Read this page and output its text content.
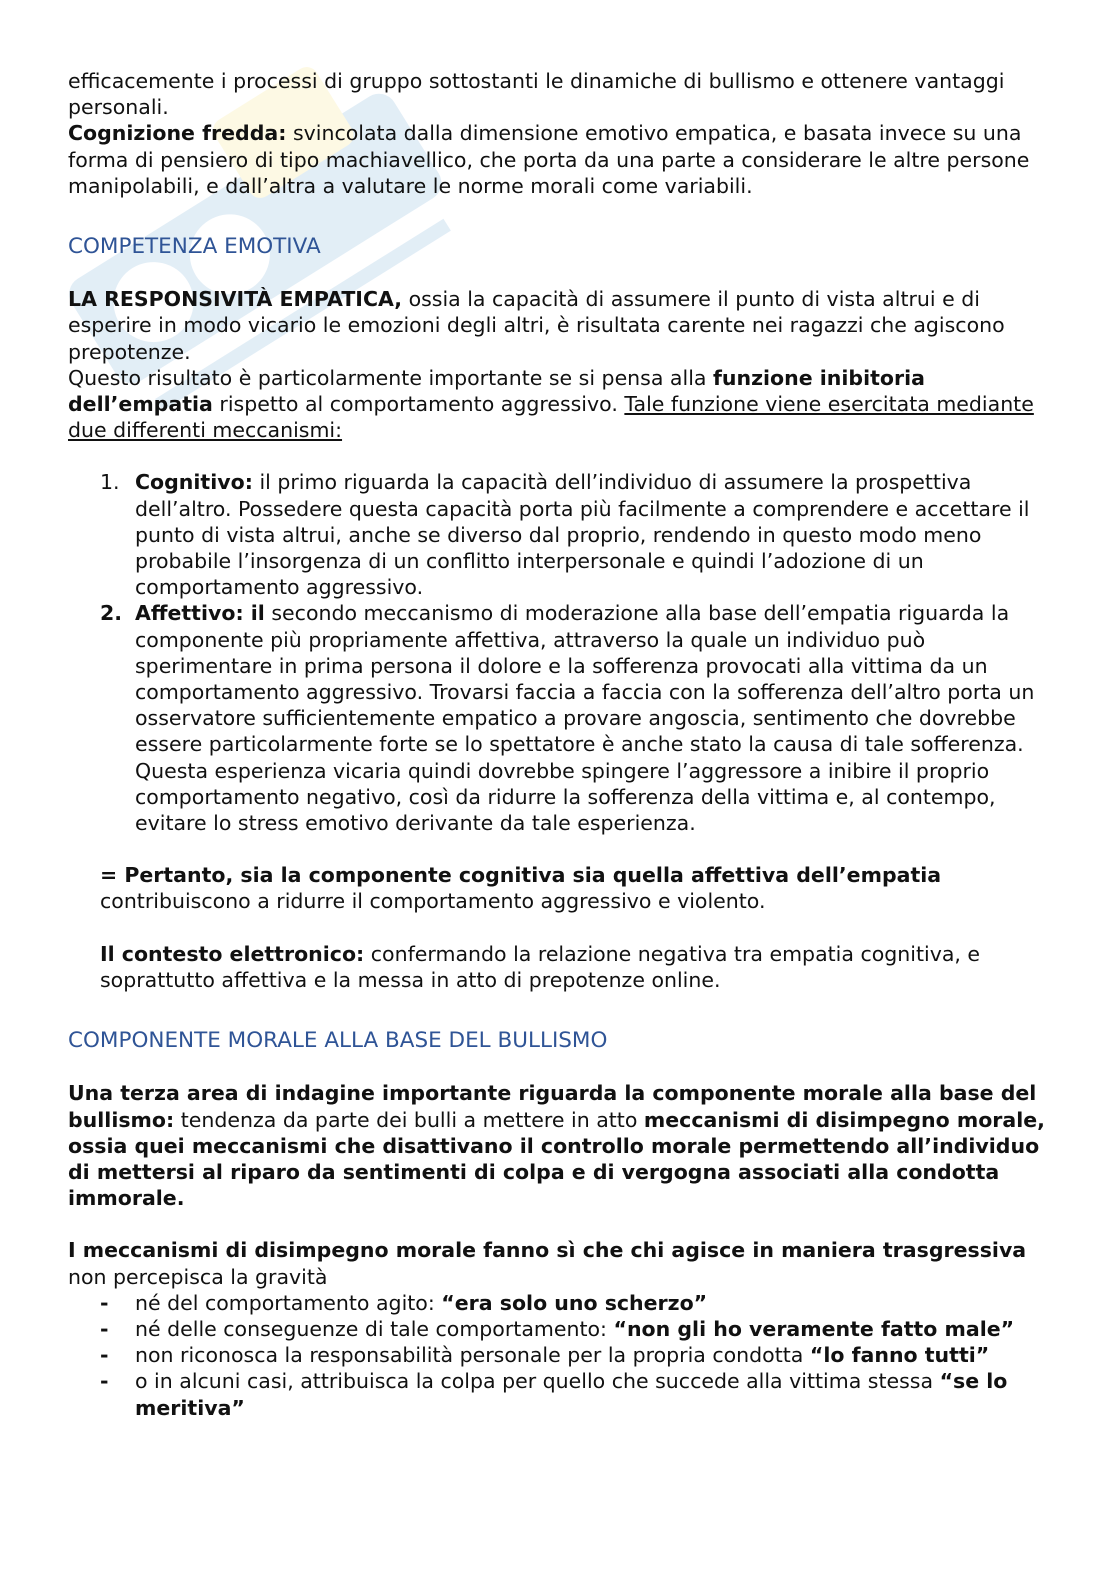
efficacemente i processi di gruppo sottostanti le dinamiche di bullismo e ottenere vantaggi personali.
Cognizione fredda: svincolata dalla dimensione emotivo empatica, e basata invece su una forma di pensiero di tipo machiavellico, che porta da una parte a considerare le altre persone manipolabili, e dall’altra a valutare le norme morali come variabili.

COMPETENZA EMOTIVA

LA RESPONSIVITÀ EMPATICA, ossia la capacità di assumere il punto di vista altrui e di esperire in modo vicario le emozioni degli altri, è risultata carente nei ragazzi che agiscono prepotenze.
Questo risultato è particolarmente importante se si pensa alla funzione inibitoria dell’empatia rispetto al comportamento aggressivo. Tale funzione viene esercitata mediante due differenti meccanismi:

1. Cognitivo: il primo riguarda la capacità dell’individuo di assumere la prospettiva dell’altro. Possedere questa capacità porta più facilmente a comprendere e accettare il punto di vista altrui, anche se diverso dal proprio, rendendo in questo modo meno probabile l’insorgenza di un conflitto interpersonale e quindi l’adozione di un comportamento aggressivo.
2. Affettivo: il secondo meccanismo di moderazione alla base dell’empatia riguarda la componente più propriamente affettiva, attraverso la quale un individuo può sperimentare in prima persona il dolore e la sofferenza provocati alla vittima da un comportamento aggressivo. Trovarsi faccia a faccia con la sofferenza dell’altro porta un osservatore sufficientemente empatico a provare angoscia, sentimento che dovrebbe essere particolarmente forte se lo spettatore è anche stato la causa di tale sofferenza. Questa esperienza vicaria quindi dovrebbe spingere l’aggressore a inibire il proprio comportamento negativo, così da ridurre la sofferenza della vittima e, al contempo, evitare lo stress emotivo derivante da tale esperienza.

= Pertanto, sia la componente cognitiva sia quella affettiva dell’empatia
contribuiscono a ridurre il comportamento aggressivo e violento.

Il contesto elettronico: confermando la relazione negativa tra empatia cognitiva, e soprattutto affettiva e la messa in atto di prepotenze online.

COMPONENTE MORALE ALLA BASE DEL BULLISMO

Una terza area di indagine importante riguarda la componente morale alla base del bullismo: tendenza da parte dei bulli a mettere in atto meccanismi di disimpegno morale, ossia quei meccanismi che disattivano il controllo morale permettendo all’individuo di mettersi al riparo da sentimenti di colpa e di vergogna associati alla condotta immorale.

I meccanismi di disimpegno morale fanno sì che chi agisce in maniera trasgressiva non percepisca la gravità

- né del comportamento agito: “era solo uno scherzo”
- né delle conseguenze di tale comportamento: “non gli ho veramente fatto male”
- non riconosca la responsabilità personale per la propria condotta “lo fanno tutti”
- o in alcuni casi, attribuisca la colpa per quello che succede alla vittima stessa “se lo meritiva”
